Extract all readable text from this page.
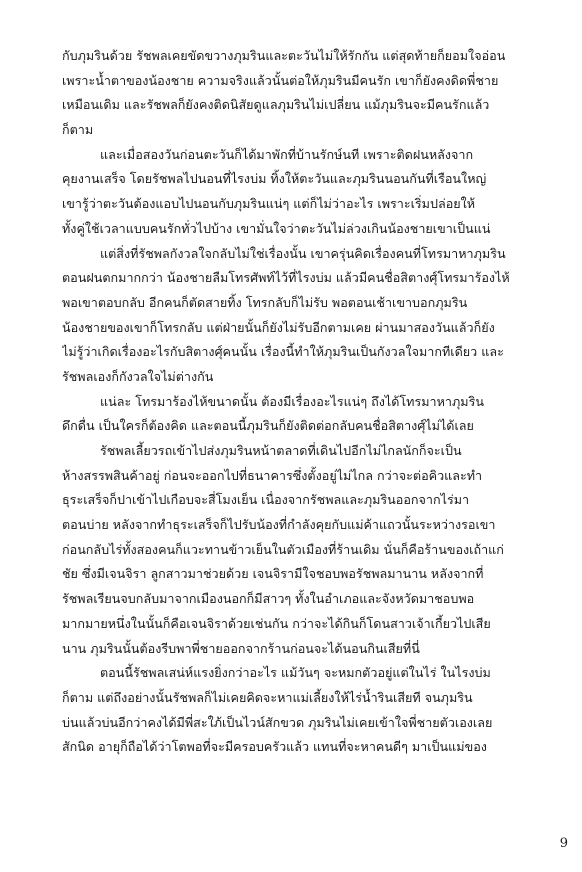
กับภุมรินด้วย รัชพลเคยขัดขวางภุมรินและตะวันไม่ให้รักกัน แต่สุดท้ายก็ยอมใจอ่อน
เพราะน้ำตาของน้องชาย ความจริงแล้วนั้นต่อให้ภุมรินมีคนรัก เขาก็ยังคงดิดพี่ชาย
เหมือนเดิม และรัชพลก็ยังคงติดนิสัยดูแลภุมรินไม่เปลี่ยน แม้ภุมรินจะมีคนรักแล้ว
ก็ตาม
และเมื่อสองวันก่อนตะวันก็ได้มาพักที่บ้านรักษ์นที เพราะติดฝนหลังจาก
คุยงานเสร็จ โดยรัชพลไปนอนที่ไรงบ่ม ทิ้งให้ตะวันและภุมรินนอนกันที่เรือนใหญ่
เขารู้ว่าตะวันต้องแอบไปนอนกับภุมรินแน่ๆ แต่ก็ไม่ว่าอะไร เพราะเริ่มปล่อยให้
ทั้งคู่ใช้เวลาแบบคนรักทั่วไปบ้าง เขามั่นใจว่าตะวันไม่ล่วงเกินน้องชายเขาเป็นแน่
แต่สิ่งที่รัชพลกังวลใจกลับไม่ใช่เรื่องนั้น เขาครุ่นคิดเรื่องคนที่โทรมาหาภุมริน
ตอนฝนตกมากกว่า น้องชายลืมโทรศัพท์ไว้ที่ไรงบ่ม แล้วมีคนชื่อสิตางศุ์โทรมาร้องไห้
พอเขาตอบกลับ อีกคนก็ตัดสายทิ้ง โทรกลับก็ไม่รับ พอตอนเช้าเขาบอกภุมริน
น้องชายของเขาก็โทรกลับ แต่ฝ่ายนั้นก็ยังไม่รับอีกตามเคย ผ่านมาสองวันแล้วก็ยัง
ไม่รู้ว่าเกิดเรื่องอะไรกับสิตางศุ์คนนั้น เรื่องนี้ทำให้ภุมรินเป็นกังวลใจมากทีเดียว และ
รัชพลเองก็กังวลใจไม่ต่างกัน
แน่ละ โทรมาร้องไห้ขนาดนั้น ต้องมีเรื่องอะไรแน่ๆ ถึงได้โทรมาหาภุมริน
ดึกดื่น เป็นใครก็ต้องคิด และตอนนี้ภุมรินก็ยังติดต่อกลับคนชื่อสิตางศุ์ไม่ได้เลย
รัชพลเลี้ยวรถเข้าไปส่งภุมรินหน้าตลาดที่เดินไปอีกไม่ไกลนักก็จะเป็น
ห้างสรรพสินค้าอยู่ ก่อนจะออกไปที่ธนาคารซึ่งตั้งอยู่ไม่ไกล กว่าจะต่อคิวและทำ
ธุระเสร็จก็ปาเข้าไปเกือบจะสี่โมงเย็น เนื่องจากรัชพลและภุมรินออกจากไร่มา
ตอนบ่าย หลังจากทำธุระเสร็จก็ไปรับน้องที่กำลังคุยกับแม่ค้าแถวนั้นระหว่างรอเขา
ก่อนกลับไร่ทั้งสองคนก็แวะทานข้าวเย็นในตัวเมืองที่ร้านเดิม นั่นก็คือร้านของเถ้าแก่
ชัย ซึ่งมีเจนจิรา ลูกสาวมาช่วยด้วย เจนจิรามีใจชอบพอรัชพลมานาน หลังจากที่
รัชพลเรียนจบกลับมาจากเมืองนอกก็มีสาวๆ ทั้งในอำเภอและจังหวัดมาชอบพอ
มากมายหนึ่งในนั้นก็คือเจนจิราด้วยเช่นกัน กว่าจะได้กินก็โดนสาวเจ้าเกี้ยวไปเสีย
นาน ภุมรินนั้นต้องรีบพาพี่ชายออกจากร้านก่อนจะได้นอนกินเสียที่นี่
ตอนนี้รัชพลเสน่ห์แรงยิ่งกว่าอะไร แม้วันๆ จะหมกตัวอยู่แต่ในไร่ ในไรงบ่ม
ก็ตาม แต่ถึงอย่างนั้นรัชพลก็ไม่เคยคิดจะหาแม่เลี้ยงให้ไร่น้ำรินเสียที จนภุมริน
บ่นแล้วบ่นอีกว่าคงได้มีพี่สะใภ้เป็นไวน์สักขวด ภุมรินไม่เคยเข้าใจพี่ชายตัวเองเลย
สักนิด อายุก็ถือได้ว่าโตพอที่จะมีครอบครัวแล้ว แทนที่จะหาคนดีๆ มาเป็นแม่ของ
9
